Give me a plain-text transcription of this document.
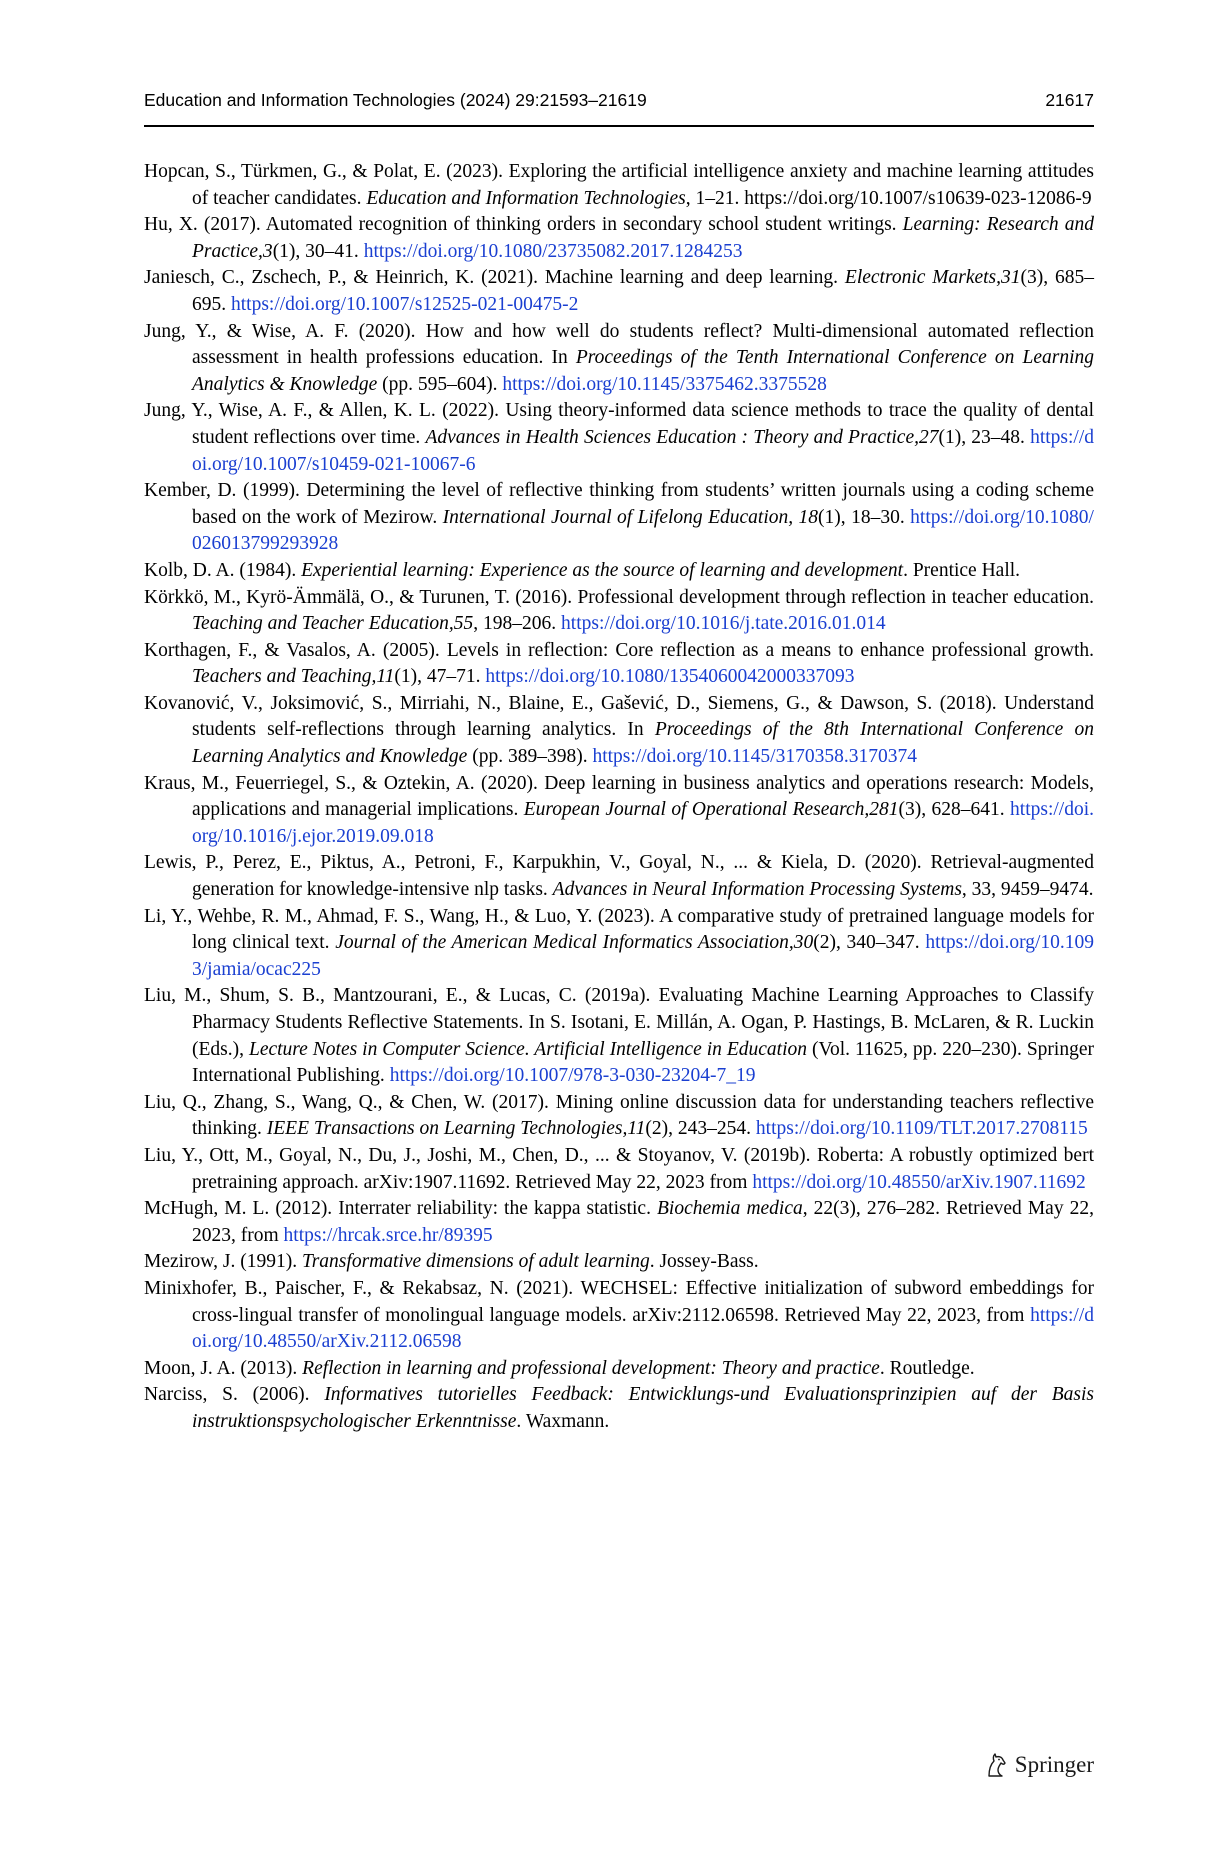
Education and Information Technologies (2024) 29:21593–21619	21617
Hopcan, S., Türkmen, G., & Polat, E. (2023). Exploring the artificial intelligence anxiety and machine learning attitudes of teacher candidates. Education and Information Technologies, 1–21. https://doi.org/10.1007/s10639-023-12086-9
Hu, X. (2017). Automated recognition of thinking orders in secondary school student writings. Learning: Research and Practice,3(1), 30–41. https://doi.org/10.1080/23735082.2017.1284253
Janiesch, C., Zschech, P., & Heinrich, K. (2021). Machine learning and deep learning. Electronic Markets,31(3), 685–695. https://doi.org/10.1007/s12525-021-00475-2
Jung, Y., & Wise, A. F. (2020). How and how well do students reflect? Multi-dimensional automated reflection assessment in health professions education. In Proceedings of the Tenth International Conference on Learning Analytics & Knowledge (pp. 595–604). https://doi.org/10.1145/3375462.3375528
Jung, Y., Wise, A. F., & Allen, K. L. (2022). Using theory-informed data science methods to trace the quality of dental student reflections over time. Advances in Health Sciences Education : Theory and Practice,27(1), 23–48. https://doi.org/10.1007/s10459-021-10067-6
Kember, D. (1999). Determining the level of reflective thinking from students’ written journals using a coding scheme based on the work of Mezirow. International Journal of Lifelong Education, 18(1), 18–30. https://doi.org/10.1080/026013799293928
Kolb, D. A. (1984). Experiential learning: Experience as the source of learning and development. Prentice Hall.
Körkkö, M., Kyrö-Ämmälä, O., & Turunen, T. (2016). Professional development through reflection in teacher education. Teaching and Teacher Education,55, 198–206. https://doi.org/10.1016/j.tate.2016.01.014
Korthagen, F., & Vasalos, A. (2005). Levels in reflection: Core reflection as a means to enhance professional growth. Teachers and Teaching,11(1), 47–71. https://doi.org/10.1080/1354060042000337093
Kovanović, V., Joksimović, S., Mirriahi, N., Blaine, E., Gašević, D., Siemens, G., & Dawson, S. (2018). Understand students self-reflections through learning analytics. In Proceedings of the 8th International Conference on Learning Analytics and Knowledge (pp. 389–398). https://doi.org/10.1145/3170358.3170374
Kraus, M., Feuerriegel, S., & Oztekin, A. (2020). Deep learning in business analytics and operations research: Models, applications and managerial implications. European Journal of Operational Research,281(3), 628–641. https://doi.org/10.1016/j.ejor.2019.09.018
Lewis, P., Perez, E., Piktus, A., Petroni, F., Karpukhin, V., Goyal, N., ... & Kiela, D. (2020). Retrieval-augmented generation for knowledge-intensive nlp tasks. Advances in Neural Information Processing Systems, 33, 9459–9474.
Li, Y., Wehbe, R. M., Ahmad, F. S., Wang, H., & Luo, Y. (2023). A comparative study of pretrained language models for long clinical text. Journal of the American Medical Informatics Association,30(2), 340–347. https://doi.org/10.1093/jamia/ocac225
Liu, M., Shum, S. B., Mantzourani, E., & Lucas, C. (2019a). Evaluating Machine Learning Approaches to Classify Pharmacy Students Reflective Statements. In S. Isotani, E. Millán, A. Ogan, P. Hastings, B. McLaren, & R. Luckin (Eds.), Lecture Notes in Computer Science. Artificial Intelligence in Education (Vol. 11625, pp. 220–230). Springer International Publishing. https://doi.org/10.1007/978-3-030-23204-7_19
Liu, Q., Zhang, S., Wang, Q., & Chen, W. (2017). Mining online discussion data for understanding teachers reflective thinking. IEEE Transactions on Learning Technologies,11(2), 243–254. https://doi.org/10.1109/TLT.2017.2708115
Liu, Y., Ott, M., Goyal, N., Du, J., Joshi, M., Chen, D., ... & Stoyanov, V. (2019b). Roberta: A robustly optimized bert pretraining approach. arXiv:1907.11692. Retrieved May 22, 2023 from https://doi.org/10.48550/arXiv.1907.11692
McHugh, M. L. (2012). Interrater reliability: the kappa statistic. Biochemia medica, 22(3), 276–282. Retrieved May 22, 2023, from https://hrcak.srce.hr/89395
Mezirow, J. (1991). Transformative dimensions of adult learning. Jossey-Bass.
Minixhofer, B., Paischer, F., & Rekabsaz, N. (2021). WECHSEL: Effective initialization of subword embeddings for cross-lingual transfer of monolingual language models. arXiv:2112.06598. Retrieved May 22, 2023, from https://doi.org/10.48550/arXiv.2112.06598
Moon, J. A. (2013). Reflection in learning and professional development: Theory and practice. Routledge.
Narciss, S. (2006). Informatives tutorielles Feedback: Entwicklungs-und Evaluationsprinzipien auf der Basis instruktionspsychologischer Erkenntnisse. Waxmann.
Springer
